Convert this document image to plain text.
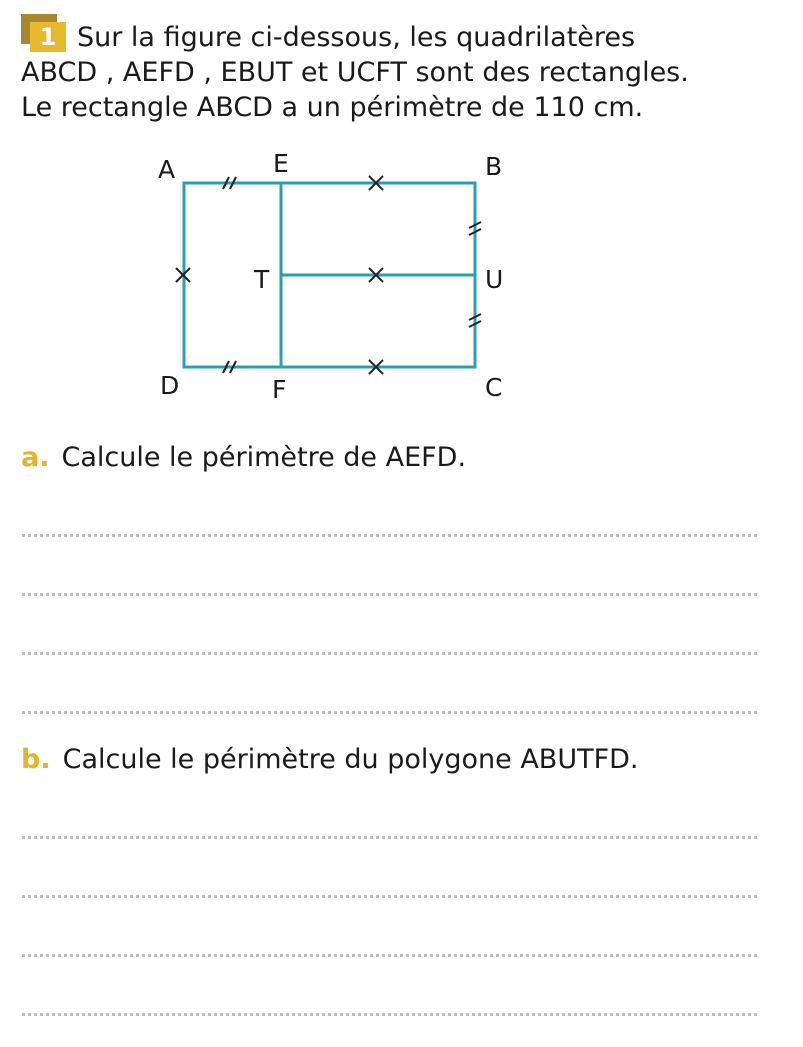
1 Sur la figure ci-dessous, les quadrilatères
ABCD , AEFD , EBUT et UCFT sont des rectangles.
Le rectangle ABCD a un périmètre de 110 cm.
A	E	B
T	U
D	F	C
a. Calcule le périmètre de AEFD.
b. Calcule le périmètre du polygone ABUTFD.
